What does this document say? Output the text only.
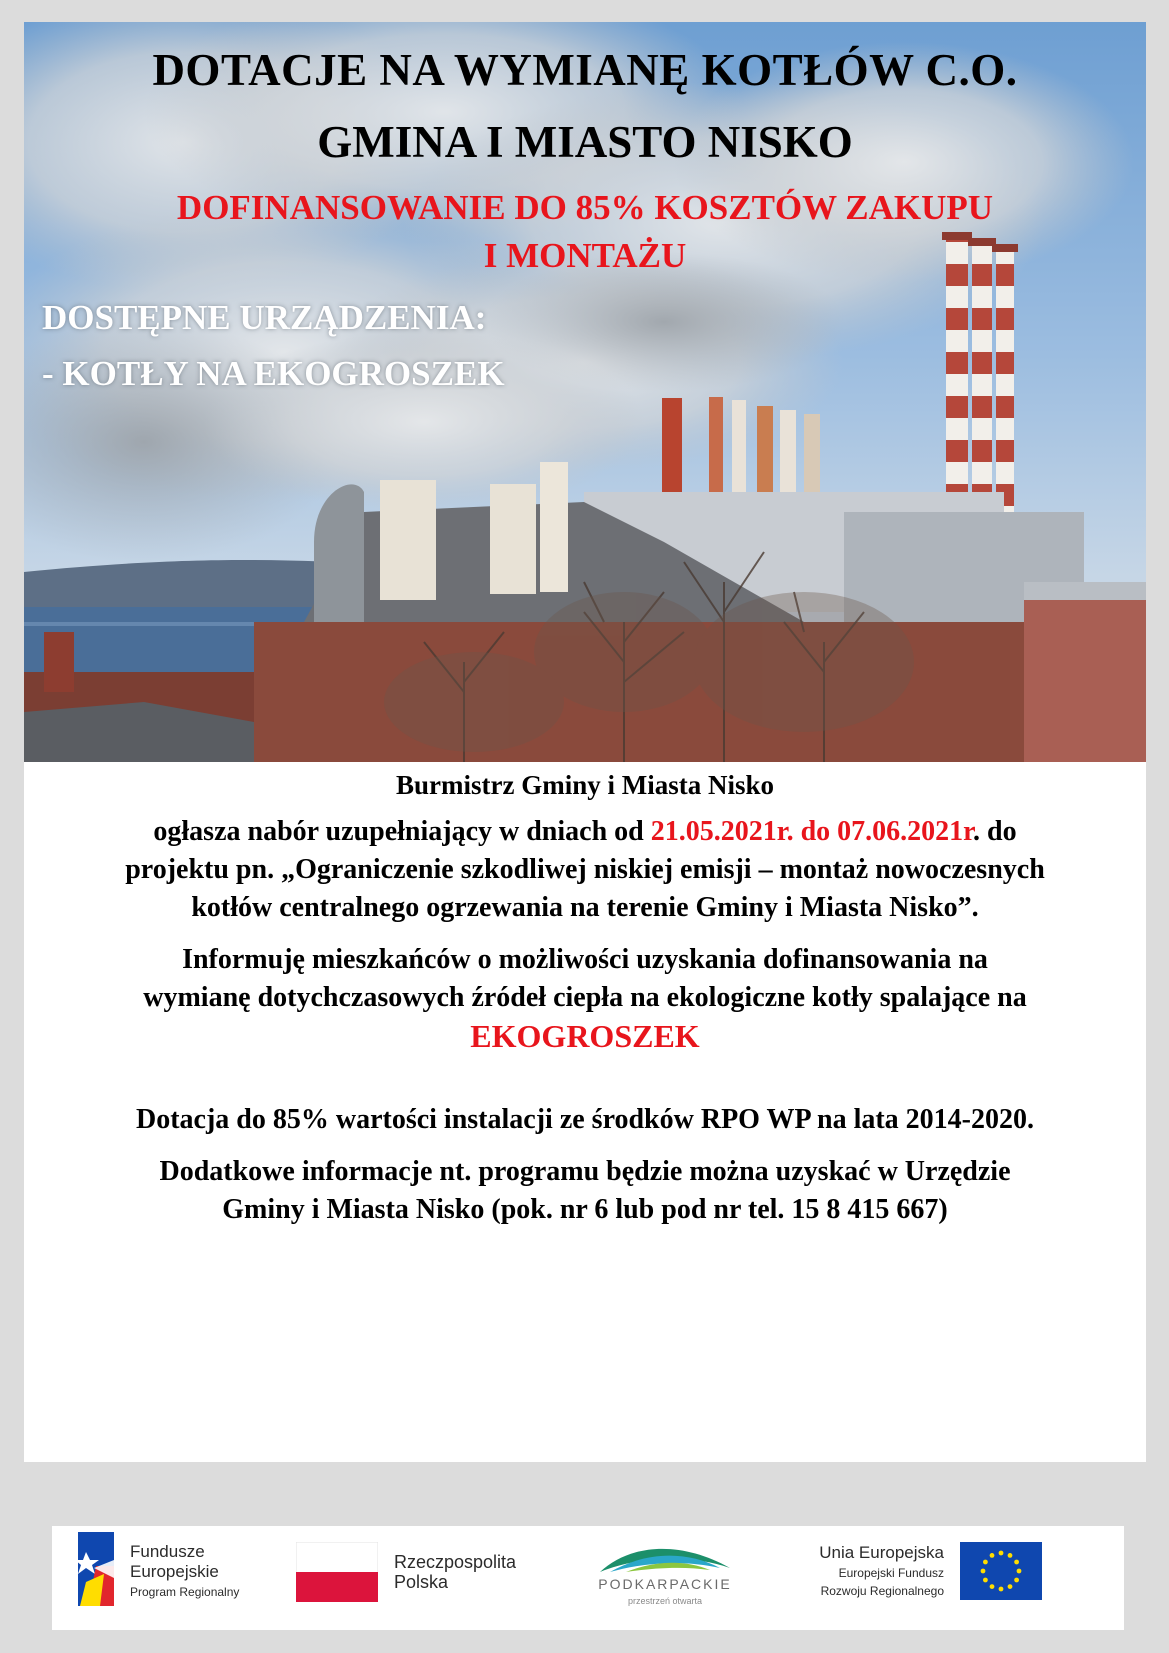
DOTACJE NA WYMIANĘ KOTŁÓW C.O.

GMINA I MIASTO NISKO

DOFINANSOWANIE DO 85% KOSZTÓW ZAKUPU

I MONTAŻU

DOSTĘPNE URZĄDZENIA:

- KOTŁY NA EKOGROSZEK

Burmistrz Gminy i Miasta Nisko

ogłasza nabór uzupełniający w dniach od 21.05.2021r. do 07.06.2021r. do

projektu pn. „Ograniczenie szkodliwej niskiej emisji – montaż nowoczesnych

kotłów centralnego ogrzewania na terenie Gminy i Miasta Nisko”.

Informuję mieszkańców o możliwości uzyskania dofinansowania na

wymianę dotychczasowych źródeł ciepła na ekologiczne kotły spalające na

EKOGROSZEK

Dotacja do 85% wartości instalacji ze środków RPO WP na lata 2014-2020.

Dodatkowe informacje nt. programu będzie można uzyskać w Urzędzie

Gminy i Miasta Nisko (pok. nr 6 lub pod nr tel. 15 8 415 667)

Fundusze
Europejskie
Program Regionalny
Rzeczpospolita
Polska	PODKARPACKIE
przestrzeń otwarta
Unia Europejska
Europejski Fundusz
Rozwoju Regionalnego
